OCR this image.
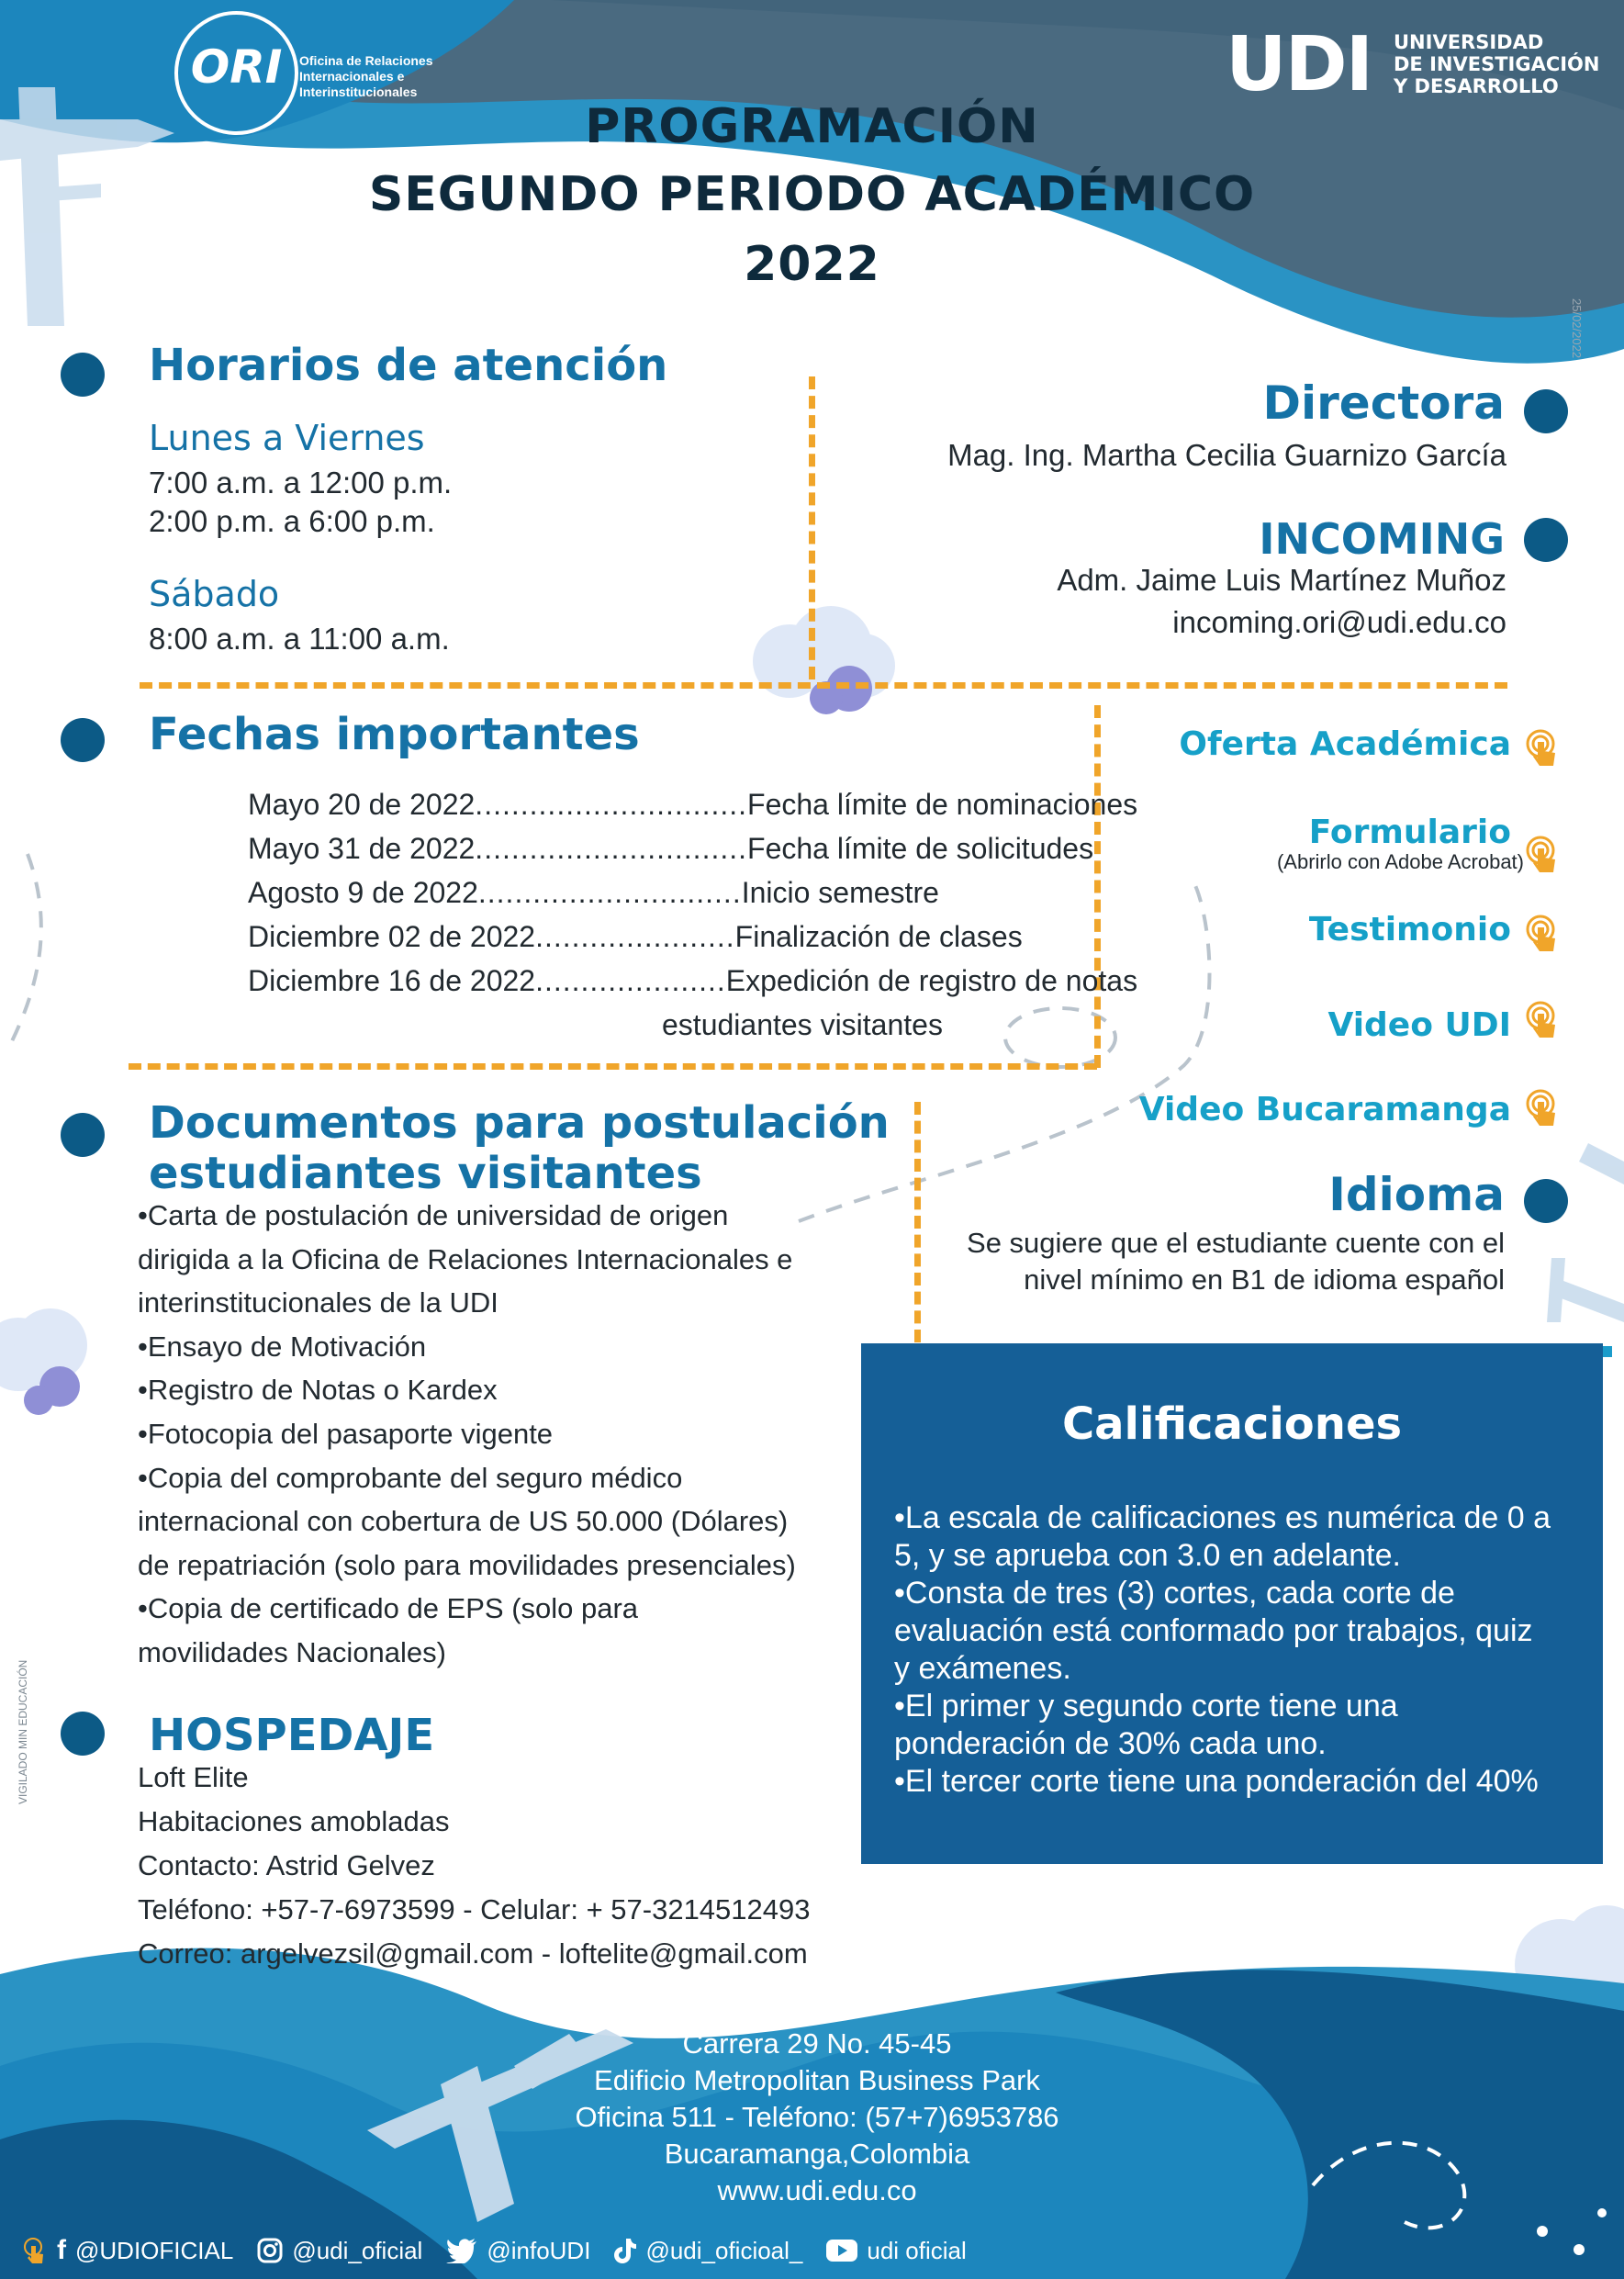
ORI	Oficina de Relaciones
Internacionales e
Interinstitucionales	UDI UNIVERSIDAD
DE INVESTIGACIÓN
Y DESARROLLO
25/02/2022
PROGRAMACIÓN
SEGUNDO PERIODO ACADÉMICO
2022
Horarios de atención
Lunes a Viernes
7:00 a.m. a 12:00 p.m.
2:00 p.m. a 6:00 p.m.
Sábado
8:00 a.m. a 11:00 a.m.
Directora
Mag. Ing. Martha Cecilia Guarnizo García
INCOMING
Adm. Jaime Luis Martínez Muñoz
incoming.ori@udi.edu.co
Fechas importantes
Mayo 20 de 2022 .............................. Fecha límite de nominaciones
Mayo 31 de 2022 .............................. Fecha límite de solicitudes
Agosto 9 de 2022 ............................. Inicio semestre
Diciembre 02 de 2022 ...................... Finalización de clases
Diciembre 16 de 2022 ..................... Expedición de registro de notas
estudiantes visitantes
Oferta Académica
Formulario
(Abrirlo con Adobe Acrobat)
Testimonio
Video UDI
Video Bucaramanga
Idioma
Se sugiere que el estudiante cuente con el
nivel mínimo en B1 de idioma español
Documentos para postulación
estudiantes visitantes
•Carta de postulación de universidad de origen
dirigida a la Oficina de Relaciones Internacionales e
interinstitucionales de la UDI
•Ensayo de Motivación
•Registro de Notas o Kardex
•Fotocopia del pasaporte vigente
•Copia del comprobante del seguro médico
internacional con cobertura de US 50.000 (Dólares)
de repatriación (solo para movilidades presenciales)
•Copia de certificado de EPS (solo para
movilidades Nacionales)
Calificaciones
•La escala de calificaciones es numérica de 0 a
5, y se aprueba con 3.0 en adelante.
•Consta de tres (3) cortes, cada corte de
evaluación está conformado por trabajos, quiz
y exámenes.
•El primer y segundo corte tiene una
ponderación de 30% cada uno.
•El tercer corte tiene una ponderación del 40%
HOSPEDAJE
Loft Elite
Habitaciones amobladas
Contacto: Astrid Gelvez
Teléfono: +57-7-6973599 - Celular: + 57-3214512493
Correo: argelvezsil@gmail.com - loftelite@gmail.com
VIGILADO MIN EDUCACIÓN
Carrera 29 No. 45-45
Edificio Metropolitan Business Park
Oficina 511 - Teléfono: (57+7)6953786
Bucaramanga,Colombia
www.udi.edu.co
f @UDIOFICIAL @udi_oficial	@infoUDI @udi_oficioal_	udi oficial
